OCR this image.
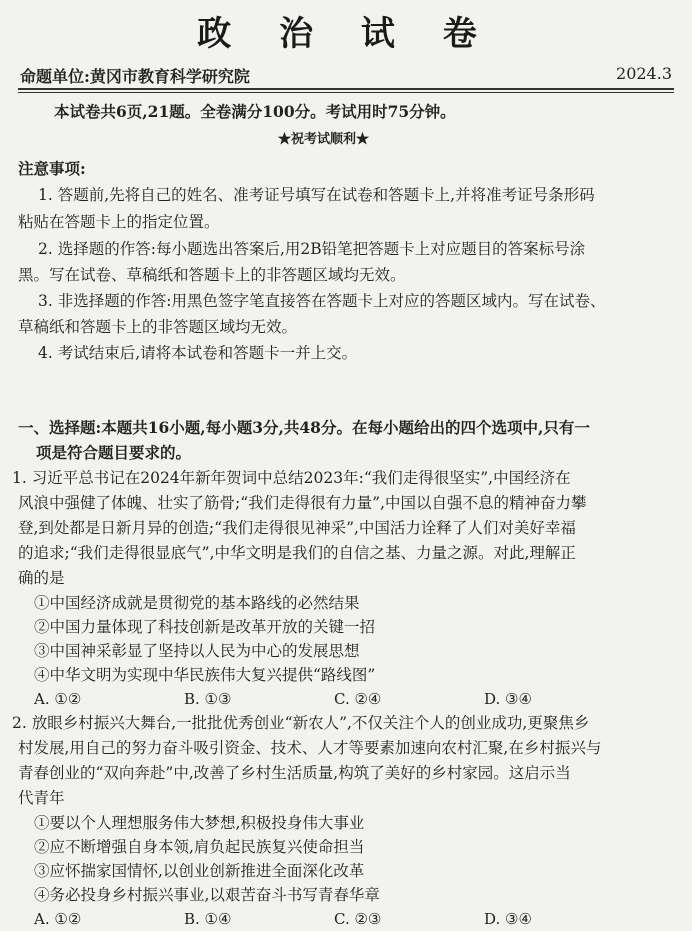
政 治 试 卷
命题单位:黄冈市教育科学研究院	2024.3
本试卷共6页,21题。全卷满分100分。考试用时75分钟。
★祝考试顺利★
注意事项:
1. 答题前,先将自己的姓名、准考证号填写在试卷和答题卡上,并将准考证号条形码
粘贴在答题卡上的指定位置。
2. 选择题的作答:每小题选出答案后,用2B铅笔把答题卡上对应题目的答案标号涂
黑。写在试卷、草稿纸和答题卡上的非答题区域均无效。
3. 非选择题的作答:用黑色签字笔直接答在答题卡上对应的答题区域内。写在试卷、
草稿纸和答题卡上的非答题区域均无效。
4. 考试结束后,请将本试卷和答题卡一并上交。
一、选择题:本题共16小题,每小题3分,共48分。在每小题给出的四个选项中,只有一
项是符合题目要求的。
1. 习近平总书记在2024年新年贺词中总结2023年:“我们走得很坚实”,中国经济在
风浪中强健了体魄、壮实了筋骨;“我们走得很有力量”,中国以自强不息的精神奋力攀
登,到处都是日新月异的创造;“我们走得很见神采”,中国活力诠释了人们对美好幸福
的追求;“我们走得很显底气”,中华文明是我们的自信之基、力量之源。对此,理解正
确的是
①中国经济成就是贯彻党的基本路线的必然结果
②中国力量体现了科技创新是改革开放的关键一招
③中国神采彰显了坚持以人民为中心的发展思想
④中华文明为实现中华民族伟大复兴提供“路线图”
A. ①②	B. ①③	C. ②④	D. ③④
2. 放眼乡村振兴大舞台,一批批优秀创业“新农人”,不仅关注个人的创业成功,更聚焦乡
村发展,用自己的努力奋斗吸引资金、技术、人才等要素加速向农村汇聚,在乡村振兴与
青春创业的“双向奔赴”中,改善了乡村生活质量,构筑了美好的乡村家园。这启示当
代青年
①要以个人理想服务伟大梦想,积极投身伟大事业
②应不断增强自身本领,肩负起民族复兴使命担当
③应怀揣家国情怀,以创业创新推进全面深化改革
④务必投身乡村振兴事业,以艰苦奋斗书写青春华章
A. ①②	B. ①④	C. ②③	D. ③④
